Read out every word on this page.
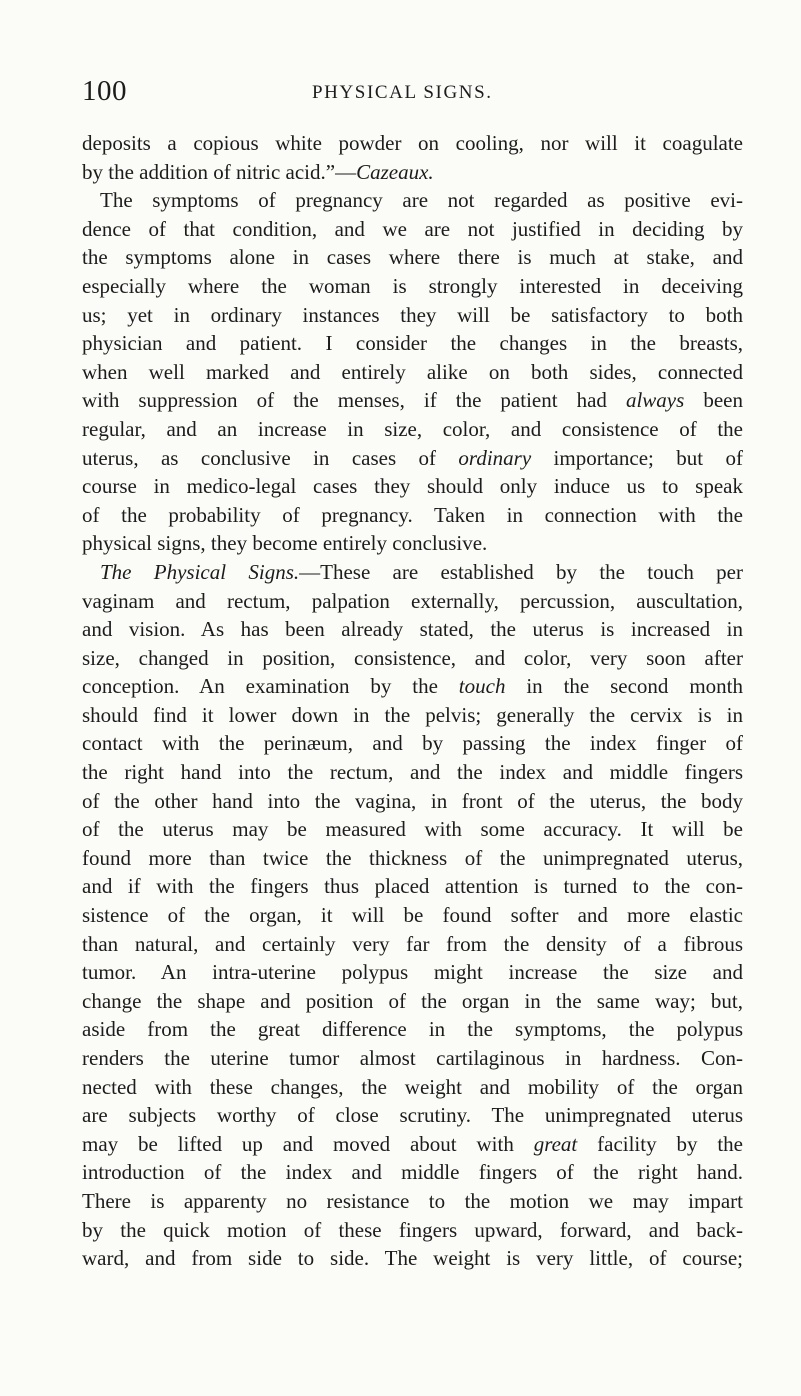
100	PHYSICAL SIGNS.
deposits a copious white powder on cooling, nor will it coagulate
by the addition of nitric acid.”—Cazeaux.
The symptoms of pregnancy are not regarded as positive evi-
dence of that condition, and we are not justified in deciding by
the symptoms alone in cases where there is much at stake, and
especially where the woman is strongly interested in deceiving
us; yet in ordinary instances they will be satisfactory to both
physician and patient. I consider the changes in the breasts,
when well marked and entirely alike on both sides, connected
with suppression of the menses, if the patient had always been
regular, and an increase in size, color, and consistence of the
uterus, as conclusive in cases of ordinary importance; but of
course in medico-legal cases they should only induce us to speak
of the probability of pregnancy. Taken in connection with the
physical signs, they become entirely conclusive.
The Physical Signs.—These are established by the touch per
vaginam and rectum, palpation externally, percussion, auscultation,
and vision. As has been already stated, the uterus is increased in
size, changed in position, consistence, and color, very soon after
conception. An examination by the touch in the second month
should find it lower down in the pelvis; generally the cervix is in
contact with the perinæum, and by passing the index finger of
the right hand into the rectum, and the index and middle fingers
of the other hand into the vagina, in front of the uterus, the body
of the uterus may be measured with some accuracy. It will be
found more than twice the thickness of the unimpregnated uterus,
and if with the fingers thus placed attention is turned to the con-
sistence of the organ, it will be found softer and more elastic
than natural, and certainly very far from the density of a fibrous
tumor. An intra-uterine polypus might increase the size and
change the shape and position of the organ in the same way; but,
aside from the great difference in the symptoms, the polypus
renders the uterine tumor almost cartilaginous in hardness. Con-
nected with these changes, the weight and mobility of the organ
are subjects worthy of close scrutiny. The unimpregnated uterus
may be lifted up and moved about with great facility by the
introduction of the index and middle fingers of the right hand.
There is apparenty no resistance to the motion we may impart
by the quick motion of these fingers upward, forward, and back-
ward, and from side to side. The weight is very little, of course;
